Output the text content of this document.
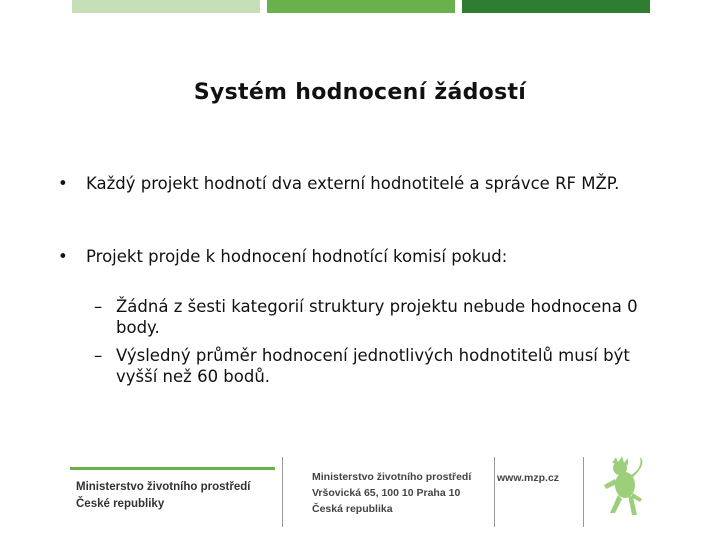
Systém hodnocení žádostí
• Každý projekt hodnotí dva externí hodnotitelé a správce RF MŽP.
• Projekt projde k hodnocení hodnotící komisí pokud:
– Žádná z šesti kategorií struktury projektu nebude hodnocena 0 body.
– Výsledný průměr hodnocení jednotlivých hodnotitelů musí být vyšší než 60 bodů.
Ministerstvo životního prostředí
České republiky
Ministerstvo životního prostředí
Vršovická 65, 100 10 Praha 10
Česká republika
www.mzp.cz
